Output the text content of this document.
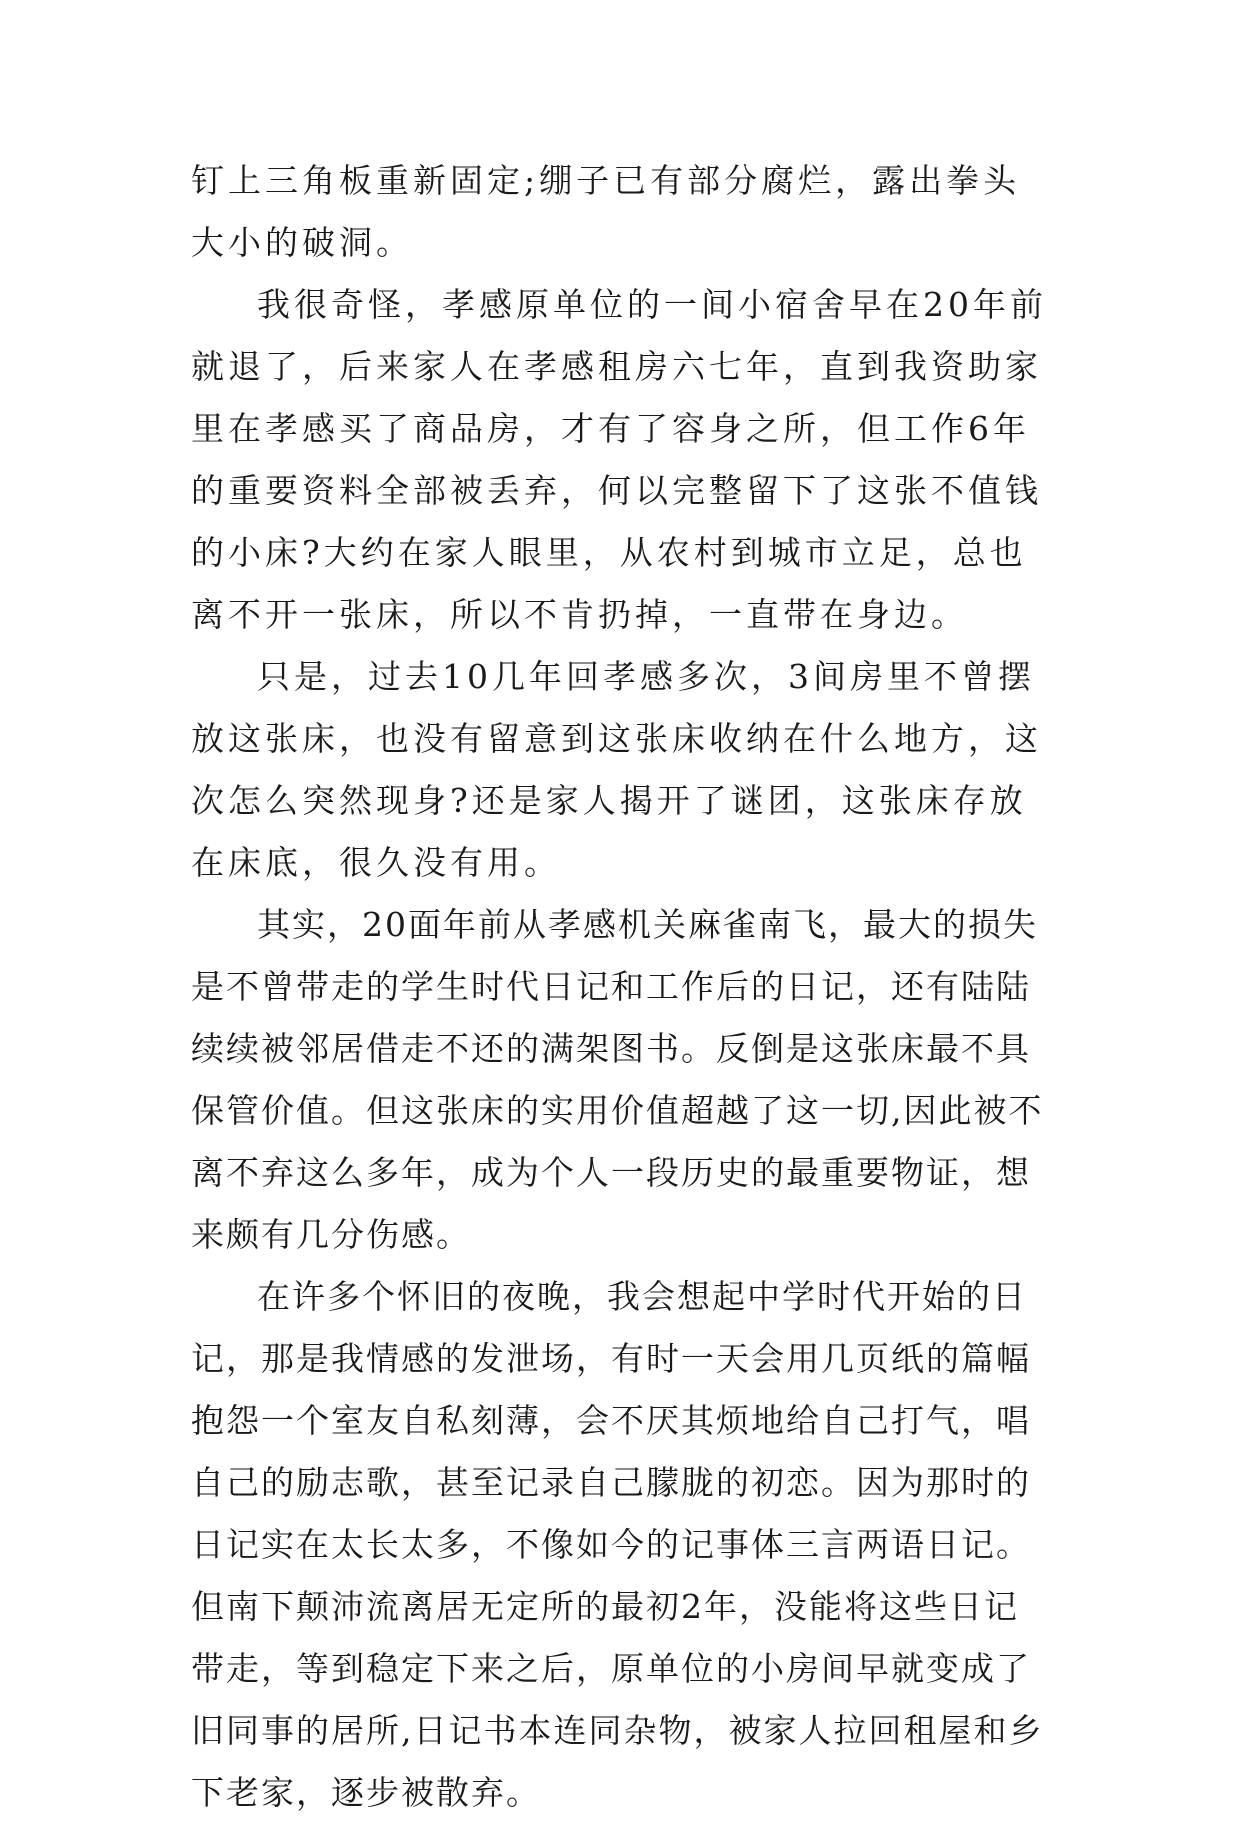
钉上三角板重新固定;绷子已有部分腐烂，露出拳头大小的破洞。

我很奇怪，孝感原单位的一间小宿舍早在20年前就退了，后来家人在孝感租房六七年，直到我资助家里在孝感买了商品房，才有了容身之所，但工作6年的重要资料全部被丢弃，何以完整留下了这张不值钱的小床?大约在家人眼里，从农村到城市立足，总也离不开一张床，所以不肯扔掉，一直带在身边。

只是，过去10几年回孝感多次，3间房里不曾摆放这张床，也没有留意到这张床收纳在什么地方，这次怎么突然现身?还是家人揭开了谜团，这张床存放在床底，很久没有用。

其实，20面年前从孝感机关麻雀南飞，最大的损失是不曾带走的学生时代日记和工作后的日记，还有陆陆续续被邻居借走不还的满架图书。反倒是这张床最不具保管价值。但这张床的实用价值超越了这一切,因此被不离不弃这么多年，成为个人一段历史的最重要物证，想来颇有几分伤感。

在许多个怀旧的夜晚，我会想起中学时代开始的日记，那是我情感的发泄场，有时一天会用几页纸的篇幅抱怨一个室友自私刻薄，会不厌其烦地给自己打气，唱自己的励志歌，甚至记录自己朦胧的初恋。因为那时的日记实在太长太多，不像如今的记事体三言两语日记。但南下颠沛流离居无定所的最初2年，没能将这些日记带走，等到稳定下来之后，原单位的小房间早就变成了旧同事的居所,日记书本连同杂物，被家人拉回租屋和乡下老家，逐步被散弃。
